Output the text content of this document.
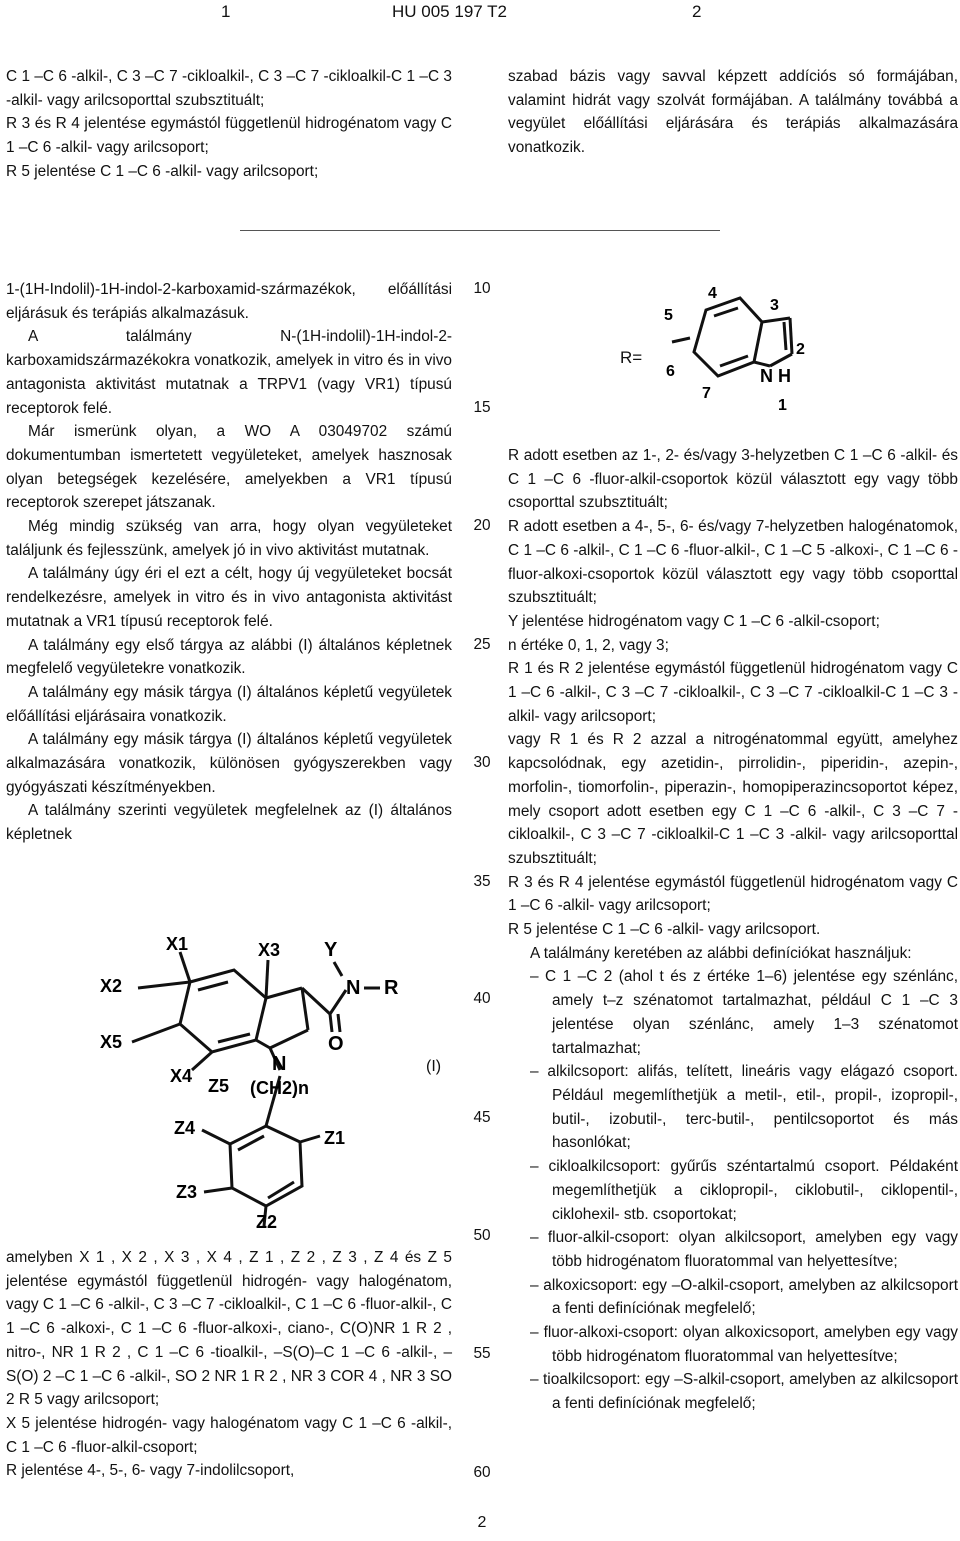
1	HU 005 197 T2	2

C 1 –C 6 -alkil-, C 3 –C 7 -cikloalkil-, C 3 –C 7 -cikloalkil-C 1 –C 3 -alkil- vagy arilcsoporttal szubsztituált;

R 3 és R 4 jelentése egymástól függetlenül hidrogénatom vagy C 1 –C 6 -alkil- vagy arilcsoport;

R 5 jelentése C 1 –C 6 -alkil- vagy arilcsoport;

szabad bázis vagy savval képzett addíciós só formájában, valamint hidrát vagy szolvát formájában. A találmány továbbá a vegyület előállítási eljárására és terápiás alkalmazására vonatkozik.

1-(1H-Indolil)-1H-indol-2-karboxamid-származékok, előállítási eljárásuk és terápiás alkalmazásuk.

A találmány N-(1H-indolil)-1H-indol-2-karboxamidszármazékokra vonatkozik, amelyek in vitro és in vivo antagonista aktivitást mutatnak a TRPV1 (vagy VR1) típusú receptorok felé.

Már ismerünk olyan, a WO A 03049702 számú dokumentumban ismertetett vegyületeket, amelyek hasznosak olyan betegségek kezelésére, amelyekben a VR1 típusú receptorok szerepet játszanak.

Még mindig szükség van arra, hogy olyan vegyületeket találjunk és fejlesszünk, amelyek jó in vivo aktivitást mutatnak.

A találmány úgy éri el ezt a célt, hogy új vegyületeket bocsát rendelkezésre, amelyek in vitro és in vivo antagonista aktivitást mutatnak a VR1 típusú receptorok felé.

A találmány egy első tárgya az alábbi (I) általános képletnek megfelelő vegyületekre vonatkozik.

A találmány egy másik tárgya (I) általános képletű vegyületek előállítási eljárásaira vonatkozik.

A találmány egy másik tárgya (I) általános képletű vegyületek alkalmazására vonatkozik, különösen gyógyszerekben vagy gyógyászati készítményekben.

A találmány szerinti vegyületek megfelelnek az (I) általános képletnek

X1	X3
X2
X5
X4
Y
N R
O
N
(CH2)n
Z5
Z4	Z1
Z3
Z2
(I)

amelyben X 1 , X 2 , X 3 , X 4 , Z 1 , Z 2 , Z 3 , Z 4 és Z 5 jelentése egymástól függetlenül hidrogén- vagy halogénatom, vagy C 1 –C 6 -alkil-, C 3 –C 7 -cikloalkil-, C 1 –C 6 -fluor-alkil-, C 1 –C 6 -alkoxi-, C 1 –C 6 -fluor-alkoxi-, ciano-, C(O)NR 1 R 2 , nitro-, NR 1 R 2 , C 1 –C 6 -tioalkil-, –S(O)–C 1 –C 6 -alkil-, –S(O) 2 –C 1 –C 6 -alkil-, SO 2 NR 1 R 2 , NR 3 COR 4 , NR 3 SO 2 R 5 vagy arilcsoport;

X 5 jelentése hidrogén- vagy halogénatom vagy C 1 –C 6 -alkil-, C 1 –C 6 -fluor-alkil-csoport;

R jelentése 4-, 5-, 6- vagy 7-indolilcsoport,

10
15
20
25
30
35
40
45
50
55
60
R=
N H
4
5
3
2
6
7
1

R adott esetben az 1-, 2- és/vagy 3-helyzetben C 1 –C 6 -alkil- és C 1 –C 6 -fluor-alkil-csoportok közül választott egy vagy több csoporttal szubsztituált;

R adott esetben a 4-, 5-, 6- és/vagy 7-helyzetben halogénatomok, C 1 –C 6 -alkil-, C 1 –C 6 -fluor-alkil-, C 1 –C 5 -alkoxi-, C 1 –C 6 -fluor-alkoxi-csoportok közül választott egy vagy több csoporttal szubsztituált;

Y jelentése hidrogénatom vagy C 1 –C 6 -alkil-csoport;

n értéke 0, 1, 2, vagy 3;

R 1 és R 2 jelentése egymástól függetlenül hidrogénatom vagy C 1 –C 6 -alkil-, C 3 –C 7 -cikloalkil-, C 3 –C 7 -cikloalkil-C 1 –C 3 -alkil- vagy arilcsoport;

vagy R 1 és R 2 azzal a nitrogénatommal együtt, amelyhez kapcsolódnak, egy azetidin-, pirrolidin-, piperidin-, azepin-, morfolin-, tiomorfolin-, piperazin-, homopiperazincsoportot képez, mely csoport adott esetben egy C 1 –C 6 -alkil-, C 3 –C 7 -cikloalkil-, C 3 –C 7 -cikloalkil-C 1 –C 3 -alkil- vagy arilcsoporttal szubsztituált;

R 3 és R 4 jelentése egymástól függetlenül hidrogénatom vagy C 1 –C 6 -alkil- vagy arilcsoport;

R 5 jelentése C 1 –C 6 -alkil- vagy arilcsoport.

A találmány keretében az alábbi definíciókat használjuk:

– C 1 –C 2 (ahol t és z értéke 1–6) jelentése egy szénlánc, amely t–z szénatomot tartalmazhat, például C 1 –C 3 jelentése olyan szénlánc, amely 1–3 szénatomot tartalmazhat;
– alkilcsoport: alifás, telített, lineáris vagy elágazó csoport. Például megemlíthetjük a metil-, etil-, propil-, izopropil-, butil-, izobutil-, terc-butil-, pentilcsoportot és más hasonlókat;
– cikloalkilcsoport: gyűrűs széntartalmú csoport. Példaként megemlíthetjük a ciklopropil-, ciklobutil-, ciklopentil-, ciklohexil- stb. csoportokat;
– fluor-alkil-csoport: olyan alkilcsoport, amelyben egy vagy több hidrogénatom fluoratommal van helyettesítve;
– alkoxicsoport: egy –O-alkil-csoport, amelyben az alkilcsoport a fenti definíciónak megfelelő;
– fluor-alkoxi-csoport: olyan alkoxicsoport, amelyben egy vagy több hidrogénatom fluoratommal van helyettesítve;
– tioalkilcsoport: egy –S-alkil-csoport, amelyben az alkilcsoport a fenti definíciónak megfelelő;
2
